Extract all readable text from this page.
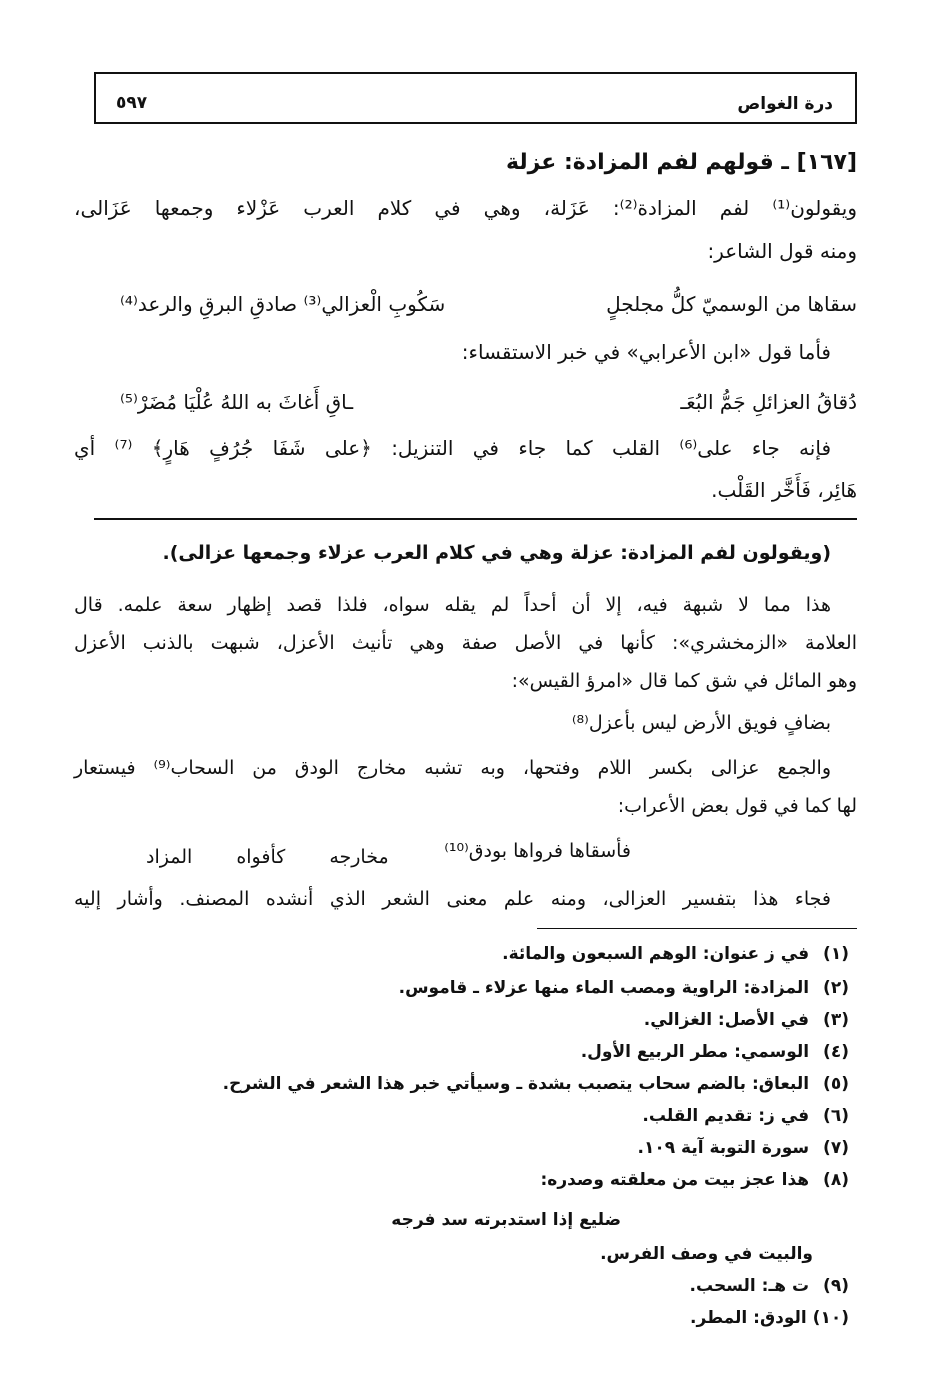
درة الغواص
٥٩٧
[١٦٧] ـ قولهم لفم المزادة: عزلة
ويقولون⁽¹⁾ لفم المزادة⁽²⁾: عَزَلة، وهي في كلام العرب عَزْلاء وجمعها عَزَالى،
ومنه قول الشاعر:
سقاها من الوسميّ كلُّ مجلجلٍ
سَكُوبِ الْعزالي⁽³⁾ صادقِ البرقِ والرعد⁽⁴⁾
فأما قول «ابن الأعرابي» في خبر الاستقساء:
دُقاقُ العزائلِ جَمُّ البُعَـ
ـاقِ أَغاثَ به اللهُ عُلْيَا مُضَرْ⁽⁵⁾
فإنه جاء على⁽⁶⁾ القلب كما جاء في التنزيل: ﴿على شَفَا جُرُفٍ هَارٍ﴾ ⁽⁷⁾ أي
هَائِر، فَأَخَّر القَلْب.
(ويقولون لفم المزادة: عزلة وهي في كلام العرب عزلاء وجمعها عزالى).
هذا مما لا شبهة فيه، إلا أن أحداً لم يقله سواه، فلذا قصد إظهار سعة علمه. قال
العلامة «الزمخشري»: كأنها في الأصل صفة وهي تأنيث الأعزل، شبهت بالذنب الأعزل
وهو المائل في شق كما قال «امرؤ القيس»:
بضافٍ فويق الأرض ليس بأعزل⁽⁸⁾
والجمع عزالى بكسر اللام وفتحها، وبه تشبه مخارج الودق من السحاب⁽⁹⁾ فيستعار
لها كما في قول بعض الأعراب:
فأسقاها فرواها بودق⁽¹⁰⁾
مخارجه كأفواه المزاد
فجاء هذا بتفسير العزالى، ومنه علم معنى الشعر الذي أنشده المصنف. وأشار إليه
(١) في ز عنوان: الوهم السبعون والمائة.
(٢) المزادة: الراوية ومصب الماء منها عزلاء ـ قاموس.
(٣) في الأصل: الغزالي.
(٤) الوسمي: مطر الربيع الأول.
(٥) البعاق: بالضم سحاب يتصبب بشدة ـ وسيأتي خبر هذا الشعر في الشرح.
(٦) في ز: تقديم القلب.
(٧) سورة التوبة آية ١٠٩.
(٨) هذا عجز بيت من معلقته وصدره:
ضليع إذا استدبرته سد فرجه
والبيت في وصف الفرس.
(٩) ت هـ: السحب.
(١٠) الودق: المطر.
